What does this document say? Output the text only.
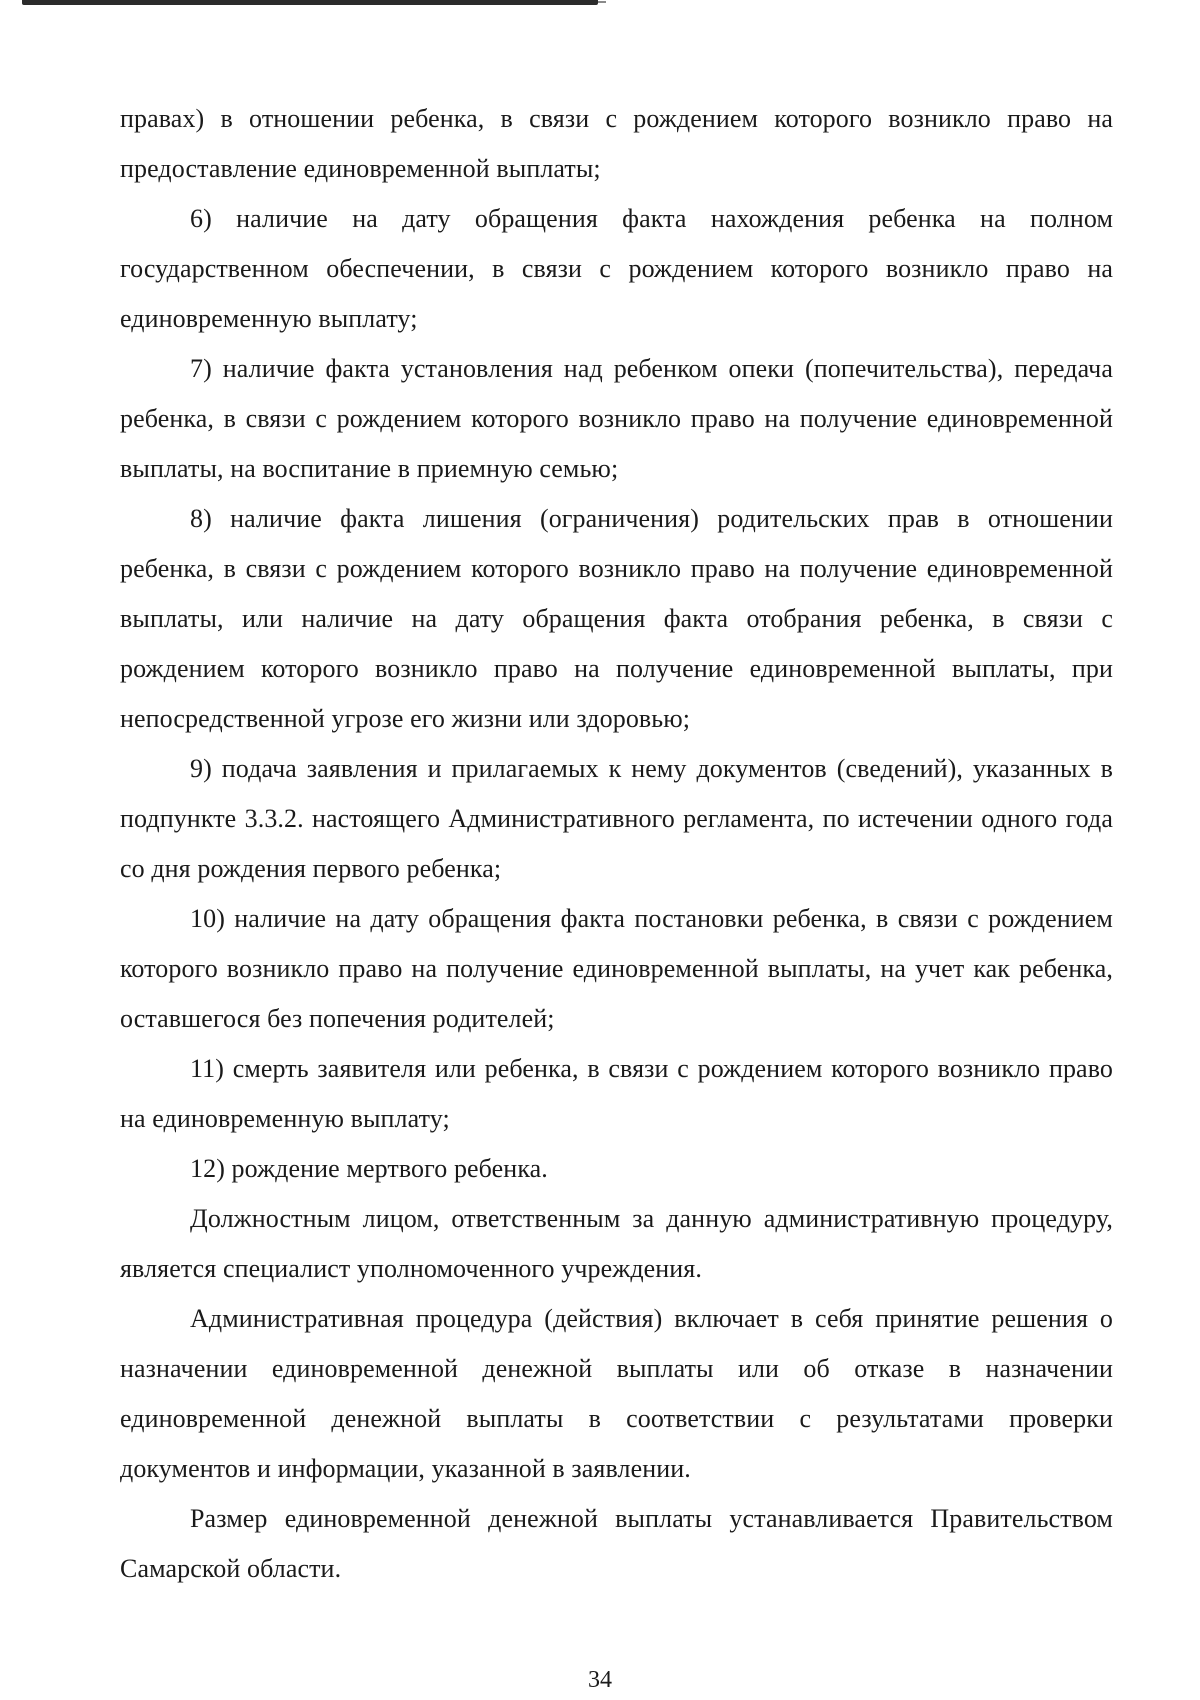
правах) в отношении ребенка, в связи с рождением которого возникло право на предоставление единовременной выплаты;

6) наличие на дату обращения факта нахождения ребенка на полном государственном обеспечении, в связи с рождением которого возникло право на единовременную выплату;

7) наличие факта установления над ребенком опеки (попечительства), передача ребенка, в связи с рождением которого возникло право на получение единовременной выплаты, на воспитание в приемную семью;

8) наличие факта лишения (ограничения) родительских прав в отношении ребенка, в связи с рождением которого возникло право на получение единовременной выплаты, или наличие на дату обращения факта отобрания ребенка, в связи с рождением которого возникло право на получение единовременной выплаты, при непосредственной угрозе его жизни или здоровью;

9) подача заявления и прилагаемых к нему документов (сведений), указанных в подпункте 3.3.2. настоящего Административного регламента, по истечении одного года со дня рождения первого ребенка;

10) наличие на дату обращения факта постановки ребенка, в связи с рождением которого возникло право на получение единовременной выплаты, на учет как ребенка, оставшегося без попечения родителей;

11) смерть заявителя или ребенка, в связи с рождением которого возникло право на единовременную выплату;

12) рождение мертвого ребенка.

Должностным лицом, ответственным за данную административную процедуру, является специалист уполномоченного учреждения.

Административная процедура (действия) включает в себя принятие решения о назначении единовременной денежной выплаты или об отказе в назначении единовременной денежной выплаты в соответствии с результатами проверки документов и информации, указанной в заявлении.

Размер единовременной денежной выплаты устанавливается Правительством Самарской области.

34
